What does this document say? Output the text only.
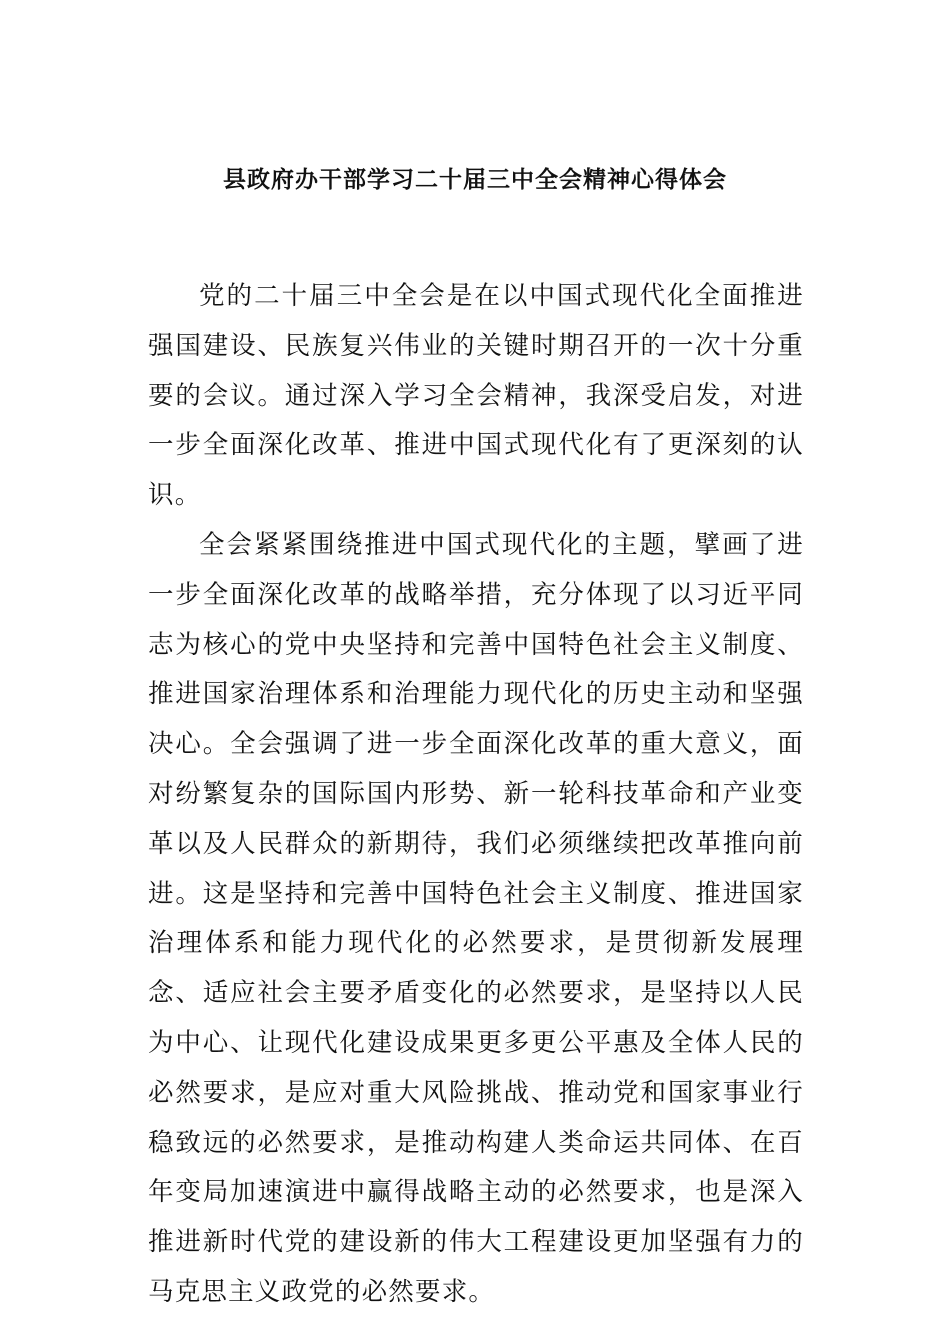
县政府办干部学习二十届三中全会精神心得体会

党的二十届三中全会是在以中国式现代化全面推进强国建设、民族复兴伟业的关键时期召开的一次十分重要的会议。通过深入学习全会精神，我深受启发，对进一步全面深化改革、推进中国式现代化有了更深刻的认识。

全会紧紧围绕推进中国式现代化的主题，擘画了进一步全面深化改革的战略举措，充分体现了以习近平同志为核心的党中央坚持和完善中国特色社会主义制度、推进国家治理体系和治理能力现代化的历史主动和坚强决心。全会强调了进一步全面深化改革的重大意义，面对纷繁复杂的国际国内形势、新一轮科技革命和产业变革以及人民群众的新期待，我们必须继续把改革推向前进。这是坚持和完善中国特色社会主义制度、推进国家治理体系和能力现代化的必然要求，是贯彻新发展理念、适应社会主要矛盾变化的必然要求，是坚持以人民为中心、让现代化建设成果更多更公平惠及全体人民的必然要求，是应对重大风险挑战、推动党和国家事业行稳致远的必然要求，是推动构建人类命运共同体、在百年变局加速演进中赢得战略主动的必然要求，也是深入推进新时代党的建设新的伟大工程建设更加坚强有力的马克思主义政党的必然要求。
